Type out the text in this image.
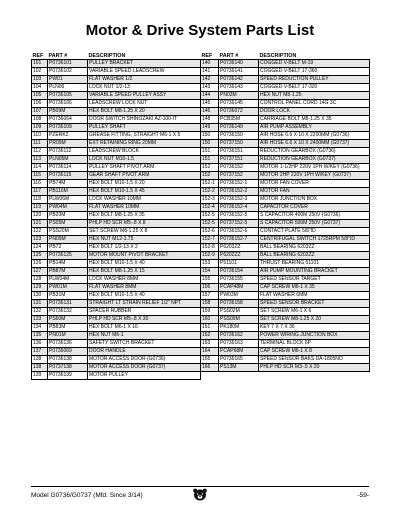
Motor & Drive System Parts List
REF	PART #	DESCRIPTION
101	P0736101	PULLEY BRACKET
102	P0736102	VARIABLE SPEED LEADSCREW
103	PW01	FLAT WASHER 1/2
104	PLN06	LOCK NUT 1/2-13
105	P0736105	VARIABLE SPEED PULLEY ASSY
106	P0736106	LEADSCREW LOCK NUT
107	PB09M	HEX BOLT M8-1.25 X 20
108	P0736064	DOOR SWITCH SHINOZAKI AZ-100-IT
109	P0736109	PULLEY SHAFT
110	PZERK2	GREASE FITTING, STRAIGHT M6-1 X 5
111	PR09M	EXT RETAINING RING 20MM
112	P0736112	LEADSCREW BLOCK
113	PLN05M	LOCK NUT M10-1.5
114	P0736114	PULLEY SHAFT PIVOT ARM
115	P0736115	GEAR SHAFT PIVOT ARM
116	PB74M	HEX BOLT M10-1.5 X 20
117	PB116M	HEX BOLT M10-1.5 X 45
118	PLW06M	LOCK WASHER 10MM
119	PW04M	FLAT WASHER 10MM
120	PB20M	HEX BOLT M8-1.25 X 35
121	PS05M	PHLP HD SCR M5-.8 X 8
122	PSS20M	SET SCREW M8-1.25 X 8
123	PN09M	HEX NUT M12-1.75
124	PB72	HEX BOLT 1/2-13 X 2
125	P0736125	MOTOR MOUNT PIVOT BRACKET
126	PB14M	HEX BOLT M10-1.5 X 40
127	PB87M	HEX BOLT M8-1.25 X 15
128	PLW04M	LOCK WASHER 8MM
129	PW01M	FLAT WASHER 8MM
130	PB31M	HEX BOLT M10-1.5 X 40
131	P0736131	STRAIGHT LT STRAIN RELIEF 1/2" NPT
132	P0736132	SPACER RUBBER
133	PS60M	PHLP HD SCR M5-.8 X 30
134	PB83M	HEX BOLT M6-1 X 16
135	PN01M	HEX NUT M6-1
136	P0736136	SAFETY SWITCH BRACKET
137	P0736069	DOOR HANDLE
138	P0736138	MOTOR ACCESS DOOR (G0736)
138	P0737138	MOTOR ACCESS DOOR (G0737)
139	P0736139	MOTOR PULLEY
REF	PART #	DESCRIPTION
140	P0736140	COGGED V-BELT M-19
141	P0736141	COGGED V-BELT 17-360
142	P0736142	SPEED REDUCTION PULLEY
143	P0736143	COGGED V-BELT 17-320
144	PN03M	HEX NUT M8-1.25
145	P0736145	CONTROL PANEL CORD 14G 3C
146	P0736072	DOOR LOCK
148	PCB35M	CARRIAGE BOLT M8-1.25 X 35
149	P0736149	AIR PUMP ASSEMBLY
150	P0736150	AIR HOSE 6.6 X 10 X 2200MM (G0736)
150	P0737150	AIR HOSE 6.6 X 10 X 2400MM (G0737)
151	P0736151	REDUCTION GEARBOX (G0736)
151	P0737151	REDUCTION GEARBOX (G0737)
152	P0736152	MOTOR 1-1/2HP 220V 1PH W/KEY (G0736)
152	P0737152	MOTOR 2HP 220V 1PH W/KEY (G0737)
152-1	P0736152-1	MOTOR FAN COVER
152-2	P0736152-2	MOTOR FAN
152-3	P0736152-3	MOTOR JUNCTION BOX
152-4	P0736152-4	CAPACITOR COVER
152-5	P0736152-5	S CAPACITOR 400M 250V (G0736)
152-5	P0737152-5	S CAPACITOR 500M 250V (G0737)
152-6	P0736152-6	CONTACT PLATE 5/8"ID
152-7	P0736152-7	CENTRIFUGAL SWITCH 1725RPM 5/8"ID
152-8	P6203ZZ	BALL BEARING 6203ZZ
152-9	P6202ZZ	BALL BEARING 6202ZZ
153	P51101	THRUST BEARING 51101
154	P0736154	AIR PUMP MOUNTING BRACKET
155	P0736155	SPEED SENSOR TARGET
156	PCAP48M	CAP SCREW M6-1 X 35
157	PW03M	FLAT WASHER 6MM
158	P0736158	SPEED SENSOR BRACKET
159	PSS02M	SET SCREW M6-1 X 6
160	PSS09M	SET SCREW M8-1.25 X 20
161	PK180M	KEY 7 X 7 X 36
162	P0736162	POWER WIRING JUNCTION BOX
163	P0736163	TERMINAL BLOCK 6P
164	PCAP68M	CAP SCREW M6-1 X 8
165	P0736165	SPEED SENSOR BAKS DA-1805NO
166	PS13M	PHLP HD SCR M3-.5 X 20
Model G0736/G0737 (Mfd. Since 3/14)	-59-
